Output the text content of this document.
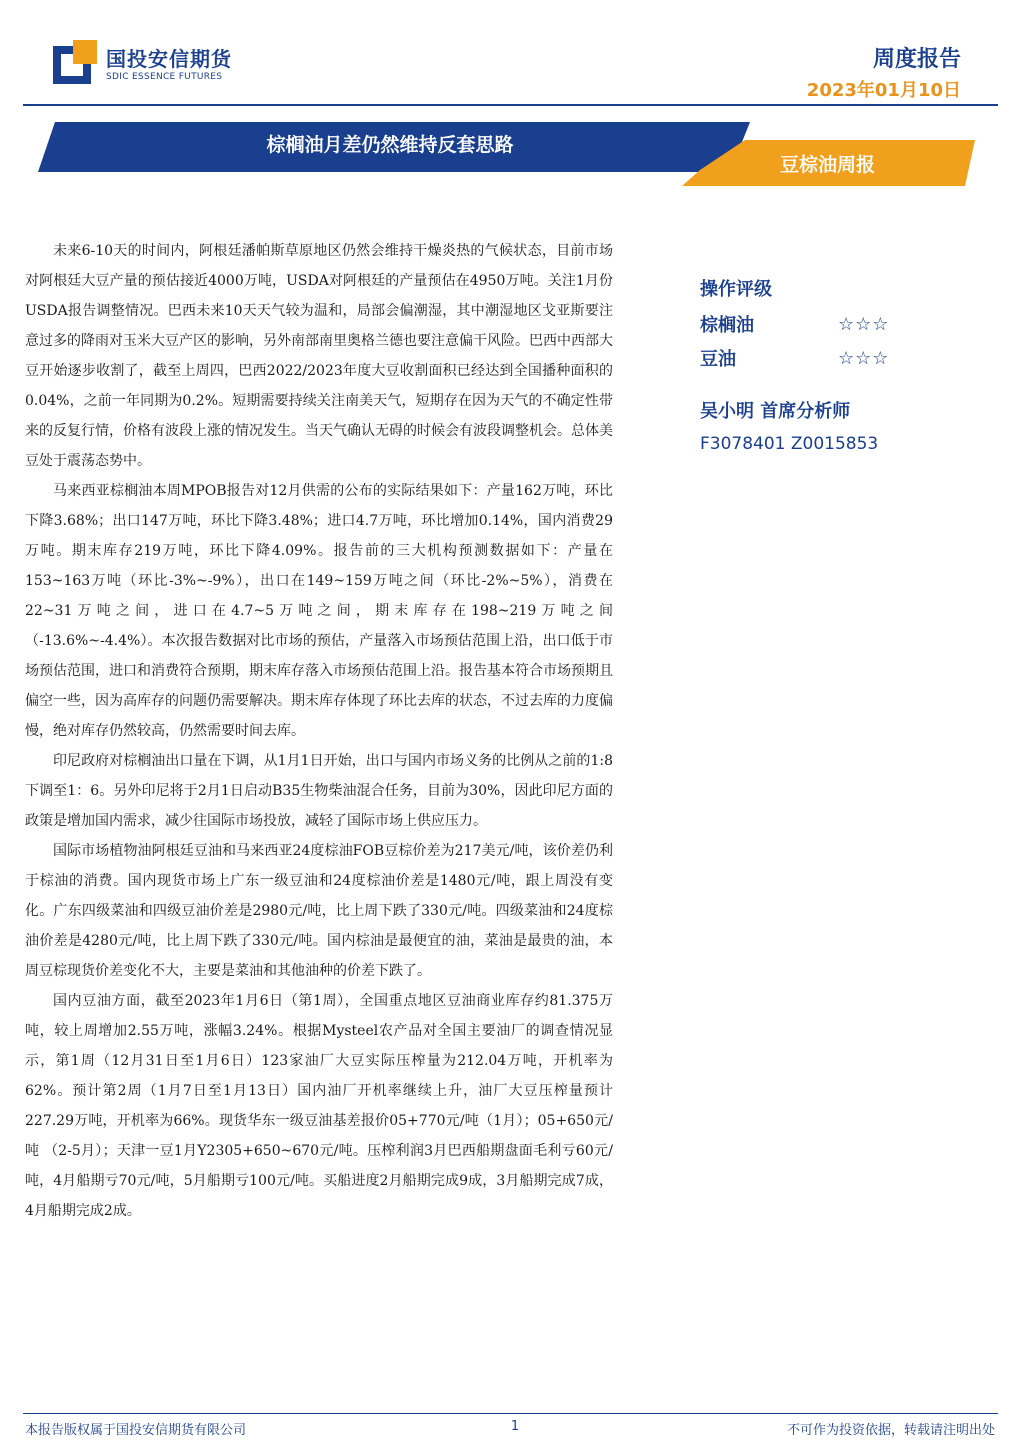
国投安信期货
SDIC ESSENCE FUTURES
周度报告
2023年01月10日
棕榈油月差仍然维持反套思路
豆棕油周报

未来6-10天的时间内，阿根廷潘帕斯草原地区仍然会维持干燥炎热的气候状态，目前市场对阿根廷大豆产量的预估接近4000万吨，USDA对阿根廷的产量预估在4950万吨。关注1月份USDA报告调整情况。巴西未来10天天气较为温和，局部会偏潮湿，其中潮湿地区戈亚斯要注意过多的降雨对玉米大豆产区的影响，另外南部南里奥格兰德也要注意偏干风险。巴西中西部大豆开始逐步收割了，截至上周四，巴西2022/2023年度大豆收割面积已经达到全国播种面积的0.04%，之前一年同期为0.2%。短期需要持续关注南美天气，短期存在因为天气的不确定性带来的反复行情，价格有波段上涨的情况发生。当天气确认无碍的时候会有波段调整机会。总体美豆处于震荡态势中。

马来西亚棕榈油本周MPOB报告对12月供需的公布的实际结果如下：产量162万吨，环比下降3.68%；出口147万吨，环比下降3.48%；进口4.7万吨，环比增加0.14%，国内消费29万吨。期末库存219万吨，环比下降4.09%。报告前的三大机构预测数据如下：产量在153~163万吨（环比-3%~-9%），出口在149~159万吨之间（环比-2%~5%），消费在22~31万吨之间，进口在4.7~5万吨之间，期末库存在198~219万吨之间（-13.6%~-4.4%）。本次报告数据对比市场的预估，产量落入市场预估范围上沿，出口低于市场预估范围，进口和消费符合预期，期末库存落入市场预估范围上沿。报告基本符合市场预期且偏空一些，因为高库存的问题仍需要解决。期末库存体现了环比去库的状态，不过去库的力度偏慢，绝对库存仍然较高，仍然需要时间去库。

印尼政府对棕榈油出口量在下调，从1月1日开始，出口与国内市场义务的比例从之前的1:8下调至1：6。另外印尼将于2月1日启动B35生物柴油混合任务，目前为30%，因此印尼方面的政策是增加国内需求，减少往国际市场投放，减轻了国际市场上供应压力。

国际市场植物油阿根廷豆油和马来西亚24度棕油FOB豆棕价差为217美元/吨，该价差仍利于棕油的消费。国内现货市场上广东一级豆油和24度棕油价差是1480元/吨，跟上周没有变化。广东四级菜油和四级豆油价差是2980元/吨，比上周下跌了330元/吨。四级菜油和24度棕油价差是4280元/吨，比上周下跌了330元/吨。国内棕油是最便宜的油，菜油是最贵的油，本周豆棕现货价差变化不大，主要是菜油和其他油种的价差下跌了。

国内豆油方面，截至2023年1月6日（第1周），全国重点地区豆油商业库存约81.375万吨，较上周增加2.55万吨，涨幅3.24%。根据Mysteel农产品对全国主要油厂的调查情况显示，第1周（12月31日至1月6日）123家油厂大豆实际压榨量为212.04万吨，开机率为62%。预计第2周（1月7日至1月13日）国内油厂开机率继续上升，油厂大豆压榨量预计227.29万吨，开机率为66%。现货华东一级豆油基差报价05+770元/吨（1月）；05+650元/吨 （2-5月）；天津一豆1月Y2305+650~670元/吨。压榨利润3月巴西船期盘面毛利亏60元/吨，4月船期亏70元/吨，5月船期亏100元/吨。买船进度2月船期完成9成，3月船期完成7成，4月船期完成2成。

操作评级
棕榈油	☆☆☆
豆油	☆☆☆
吴小明 首席分析师
F3078401 Z0015853
本报告版权属于国投安信期货有限公司	1	不可作为投资依据，转载请注明出处
